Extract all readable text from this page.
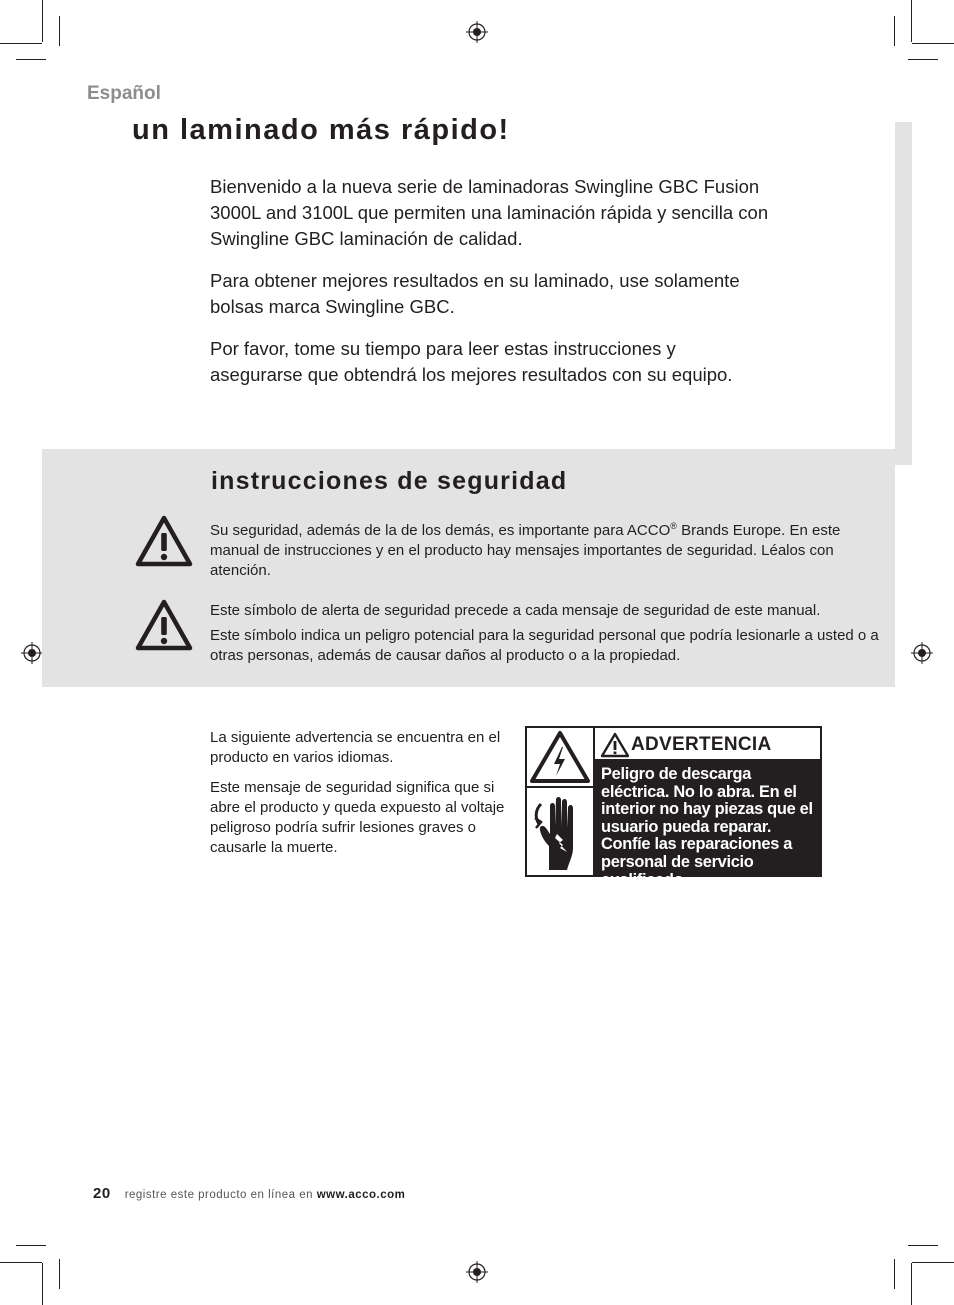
Español
un laminado más rápido!

Bienvenido a la nueva serie de laminadoras Swingline GBC Fusion 3000L and 3100L que permiten una laminación rápida y sencilla con Swingline GBC laminación de calidad.

Para obtener mejores resultados en su laminado, use solamente bolsas marca Swingline GBC.

Por favor, tome su tiempo para leer estas instrucciones y asegurarse que obtendrá los mejores resultados con su equipo.

instrucciones de seguridad

Su seguridad, además de la de los demás, es importante para ACCO® Brands Europe. En este manual de instrucciones y en el producto hay mensajes importantes de seguridad. Léalos con atención.

Este símbolo de alerta de seguridad precede a cada mensaje de seguridad de este manual.

Este símbolo indica un peligro potencial para la seguridad personal que podría lesionarle a usted o a otras personas, además de causar daños al producto o a la propiedad.

La siguiente advertencia se encuentra en el producto en varios idiomas.

Este mensaje de seguridad significa que si abre el producto y queda expuesto al voltaje peligroso podría sufrir lesiones graves o causarle la muerte.

ADVERTENCIA
Peligro de descarga eléctrica. No lo abra. En el interior no hay piezas que el usuario pueda reparar. Confíe las reparaciones a personal de servicio cualificado.
20 registre este producto en línea en www.acco.com
